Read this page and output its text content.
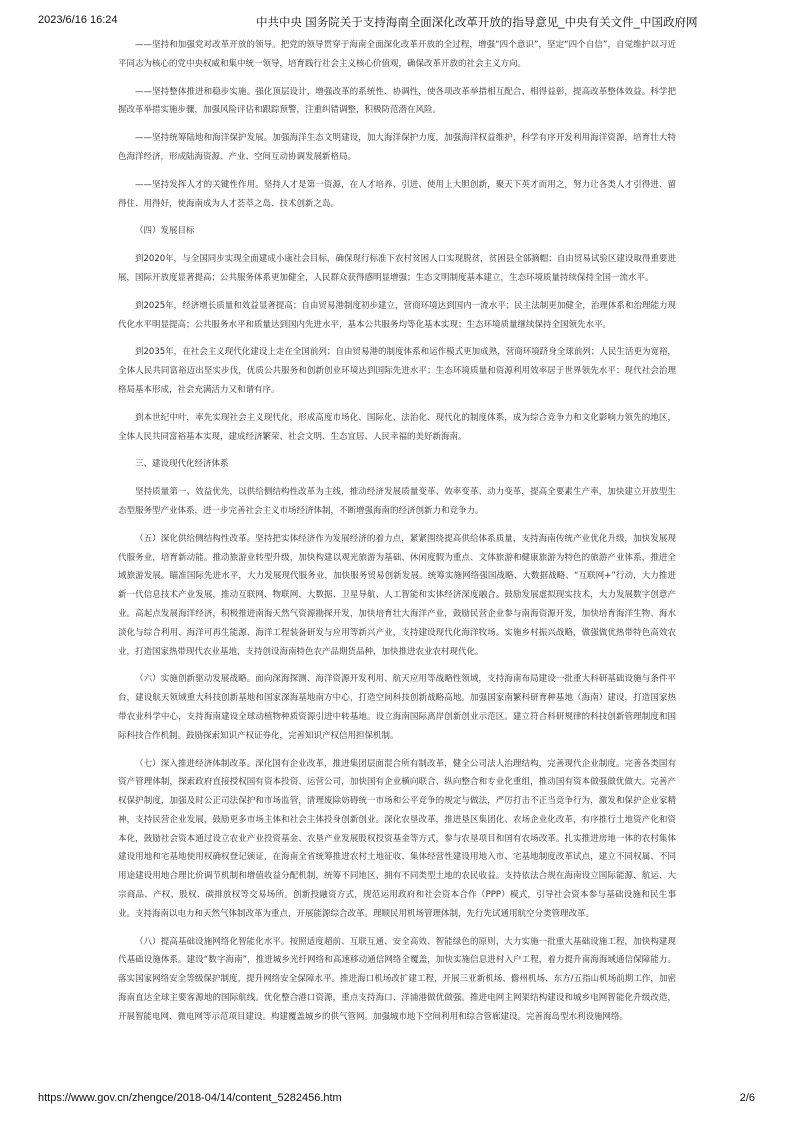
2023/6/16 16:24	中共中央 国务院关于支持海南全面深化改革开放的指导意见_中央有关文件_中国政府网

——坚持和加强党对改革开放的领导。把党的领导贯穿于海南全面深化改革开放的全过程，增强“四个意识”，坚定“四个自信”，自觉维护以习近平同志为核心的党中央权威和集中统一领导，培育践行社会主义核心价值观，确保改革开放的社会主义方向。

——坚持整体推进和稳步实施。强化顶层设计，增强改革的系统性、协调性，使各项改革举措相互配合、相得益彰，提高改革整体效益。科学把握改革举措实施步骤，加强风险评估和跟踪预警，注重纠错调整，积极防范潜在风险。

——坚持统筹陆地和海洋保护发展。加强海洋生态文明建设，加大海洋保护力度，加强海洋权益维护，科学有序开发利用海洋资源，培育壮大特色海洋经济，形成陆海资源、产业、空间互动协调发展新格局。

——坚持发挥人才的关键性作用。坚持人才是第一资源，在人才培养、引进、使用上大胆创新，聚天下英才而用之，努力让各类人才引得进、留得住、用得好，使海南成为人才荟萃之岛、技术创新之岛。

（四）发展目标

到2020年，与全国同步实现全面建成小康社会目标，确保现行标准下农村贫困人口实现脱贫，贫困县全部摘帽；自由贸易试验区建设取得重要进展，国际开放度显著提高；公共服务体系更加健全，人民群众获得感明显增强；生态文明制度基本建立，生态环境质量持续保持全国一流水平。

到2025年，经济增长质量和效益显著提高；自由贸易港制度初步建立，营商环境达到国内一流水平；民主法制更加健全，治理体系和治理能力现代化水平明显提高；公共服务水平和质量达到国内先进水平，基本公共服务均等化基本实现；生态环境质量继续保持全国领先水平。

到2035年，在社会主义现代化建设上走在全国前列；自由贸易港的制度体系和运作模式更加成熟，营商环境跻身全球前列；人民生活更为宽裕，全体人民共同富裕迈出坚实步伐，优质公共服务和创新创业环境达到国际先进水平；生态环境质量和资源利用效率居于世界领先水平；现代社会治理格局基本形成，社会充满活力又和谐有序。

到本世纪中叶，率先实现社会主义现代化，形成高度市场化、国际化、法治化、现代化的制度体系，成为综合竞争力和文化影响力领先的地区，全体人民共同富裕基本实现，建成经济繁荣、社会文明、生态宜居、人民幸福的美好新海南。

三、建设现代化经济体系

坚持质量第一、效益优先，以供给侧结构性改革为主线，推动经济发展质量变革、效率变革、动力变革，提高全要素生产率，加快建立开放型生态型服务型产业体系，进一步完善社会主义市场经济体制，不断增强海南的经济创新力和竞争力。

（五）深化供给侧结构性改革。坚持把实体经济作为发展经济的着力点，紧紧围绕提高供给体系质量，支持海南传统产业优化升级，加快发展现代服务业，培育新动能。推动旅游业转型升级，加快构建以观光旅游为基础、休闲度假为重点、文体旅游和健康旅游为特色的旅游产业体系，推进全域旅游发展。瞄准国际先进水平，大力发展现代服务业，加快服务贸易创新发展。统筹实施网络强国战略、大数据战略、“互联网+”行动，大力推进新一代信息技术产业发展，推动互联网、物联网、大数据、卫星导航、人工智能和实体经济深度融合。鼓励发展虚拟现实技术，大力发展数字创意产业。高起点发展海洋经济，积极推进南海天然气资源勘探开发，加快培育壮大海洋产业，鼓励民营企业参与南海资源开发，加快培育海洋生物、海水淡化与综合利用、海洋可再生能源、海洋工程装备研发与应用等新兴产业，支持建设现代化海洋牧场。实施乡村振兴战略，做强做优热带特色高效农业，打造国家热带现代农业基地，支持创设海南特色农产品期货品种，加快推进农业农村现代化。

（六）实施创新驱动发展战略。面向深海探测、海洋资源开发利用、航天应用等战略性领域，支持海南布局建设一批重大科研基础设施与条件平台，建设航天领域重大科技创新基地和国家深海基地南方中心，打造空间科技创新战略高地。加强国家南繁科研育种基地（海南）建设，打造国家热带农业科学中心，支持海南建设全球动植物种质资源引进中转基地。设立海南国际离岸创新创业示范区。建立符合科研规律的科技创新管理制度和国际科技合作机制。鼓励探索知识产权证券化，完善知识产权信用担保机制。

（七）深入推进经济体制改革。深化国有企业改革，推进集团层面混合所有制改革，健全公司法人治理结构，完善现代企业制度。完善各类国有资产管理体制，探索政府直接授权国有资本投资、运营公司，加快国有企业横向联合、纵向整合和专业化重组，推动国有资本做强做优做大。完善产权保护制度，加强及时公正司法保护和市场监管，清理废除妨碍统一市场和公平竞争的规定与做法，严厉打击不正当竞争行为，激发和保护企业家精神，支持民营企业发展，鼓励更多市场主体和社会主体投身创新创业。深化农垦改革，推进垦区集团化、农场企业化改革，有序推行土地资产化和资本化，鼓励社会资本通过设立农业产业投资基金、农垦产业发展股权投资基金等方式，参与农垦项目和国有农场改革。扎实推进房地一体的农村集体建设用地和宅基地使用权确权登记颁证，在海南全省统筹推进农村土地征收、集体经营性建设用地入市、宅基地制度改革试点，建立不同权属、不同用途建设用地合理比价调节机制和增值收益分配机制，统筹不同地区、拥有不同类型土地的农民收益。支持依法合规在海南设立国际能源、航运、大宗商品、产权、股权、碳排放权等交易场所。创新投融资方式，规范运用政府和社会资本合作（PPP）模式，引导社会资本参与基础设施和民生事业。支持海南以电力和天然气体制改革为重点，开展能源综合改革。理顺民用机场管理体制，先行先试通用航空分类管理改革。

（八）提高基础设施网络化智能化水平。按照适度超前、互联互通、安全高效、智能绿色的原则，大力实施一批重大基础设施工程，加快构建现代基础设施体系。建设“数字海南”，推进城乡光纤网络和高速移动通信网络全覆盖，加快实施信息进村入户工程，着力提升南海海域通信保障能力。落实国家网络安全等级保护制度，提升网络安全保障水平。推进海口机场改扩建工程，开展三亚新机场、儋州机场、东方/五指山机场前期工作，加密海南直达全球主要客源地的国际航线。优化整合港口资源，重点支持海口、洋浦港做优做强。推进电网主网架结构建设和城乡电网智能化升级改造，开展智能电网、微电网等示范项目建设。构建覆盖城乡的供气管网。加强城市地下空间利用和综合管廊建设。完善海岛型水利设施网络。

https://www.gov.cn/zhengce/2018-04/14/content_5282456.htm	2/6
